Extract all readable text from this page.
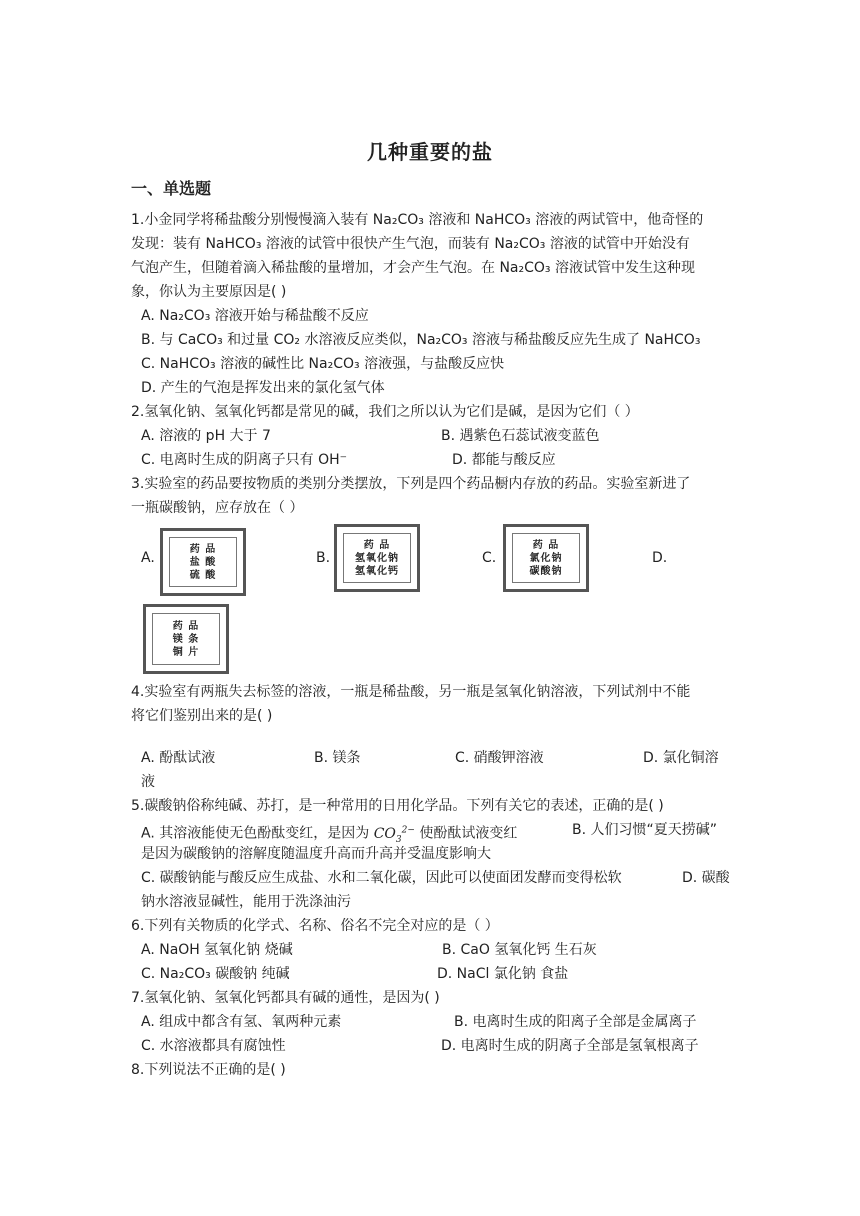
几种重要的盐
一、单选题
1.小金同学将稀盐酸分别慢慢滴入装有 Na₂CO₃ 溶液和 NaHCO₃ 溶液的两试管中，他奇怪的
发现：装有 NaHCO₃ 溶液的试管中很快产生气泡，而装有 Na₂CO₃ 溶液的试管中开始没有
气泡产生，但随着滴入稀盐酸的量增加，才会产生气泡。在 Na₂CO₃ 溶液试管中发生这种现
象，你认为主要原因是( )
A. Na₂CO₃ 溶液开始与稀盐酸不反应
B. 与 CaCO₃ 和过量 CO₂ 水溶液反应类似，Na₂CO₃ 溶液与稀盐酸反应先生成了 NaHCO₃
C. NaHCO₃ 溶液的碱性比 Na₂CO₃ 溶液强，与盐酸反应快
D. 产生的气泡是挥发出来的氯化氢气体
2.氢氧化钠、氢氧化钙都是常见的碱，我们之所以认为它们是碱，是因为它们（ ）
A. 溶液的 pH 大于 7	B. 遇紫色石蕊试液变蓝色
C. 电离时生成的阴离子只有 OH⁻	D. 都能与酸反应
3.实验室的药品要按物质的类别分类摆放，下列是四个药品橱内存放的药品。实验室新进了
一瓶碳酸钠，应存放在（ ）
A.
药 品
盐 酸
硫 酸
B.
药 品
氢氧化钠
氢氧化钙
C.
药 品
氯化钠
碳酸钠
D.
药 品
镁 条
铜 片
4.实验室有两瓶失去标签的溶液，一瓶是稀盐酸，另一瓶是氢氧化钠溶液，下列试剂中不能
将它们鉴别出来的是( )
A. 酚酞试液	B. 镁条	C. 硝酸钾溶液	D. 氯化铜溶
液
5.碳酸钠俗称纯碱、苏打，是一种常用的日用化学品。下列有关它的表述，正确的是( )
A. 其溶液能使无色酚酞变红，是因为 $CO_3^{2-}$ 使酚酞试液变红	B. 人们习惯“夏天捞碱”
是因为碳酸钠的溶解度随温度升高而升高并受温度影响大
C. 碳酸钠能与酸反应生成盐、水和二氧化碳，因此可以使面团发酵而变得松软	D. 碳酸
钠水溶液显碱性，能用于洗涤油污
6.下列有关物质的化学式、名称、俗名不完全对应的是（ ）
A. NaOH 氢氧化钠 烧碱	B. CaO 氢氧化钙 生石灰
C. Na₂CO₃ 碳酸钠 纯碱	D. NaCl 氯化钠 食盐
7.氢氧化钠、氢氧化钙都具有碱的通性，是因为( )
A. 组成中都含有氢、氧两种元素	B. 电离时生成的阳离子全部是金属离子
C. 水溶液都具有腐蚀性	D. 电离时生成的阴离子全部是氢氧根离子
8.下列说法不正确的是( )
